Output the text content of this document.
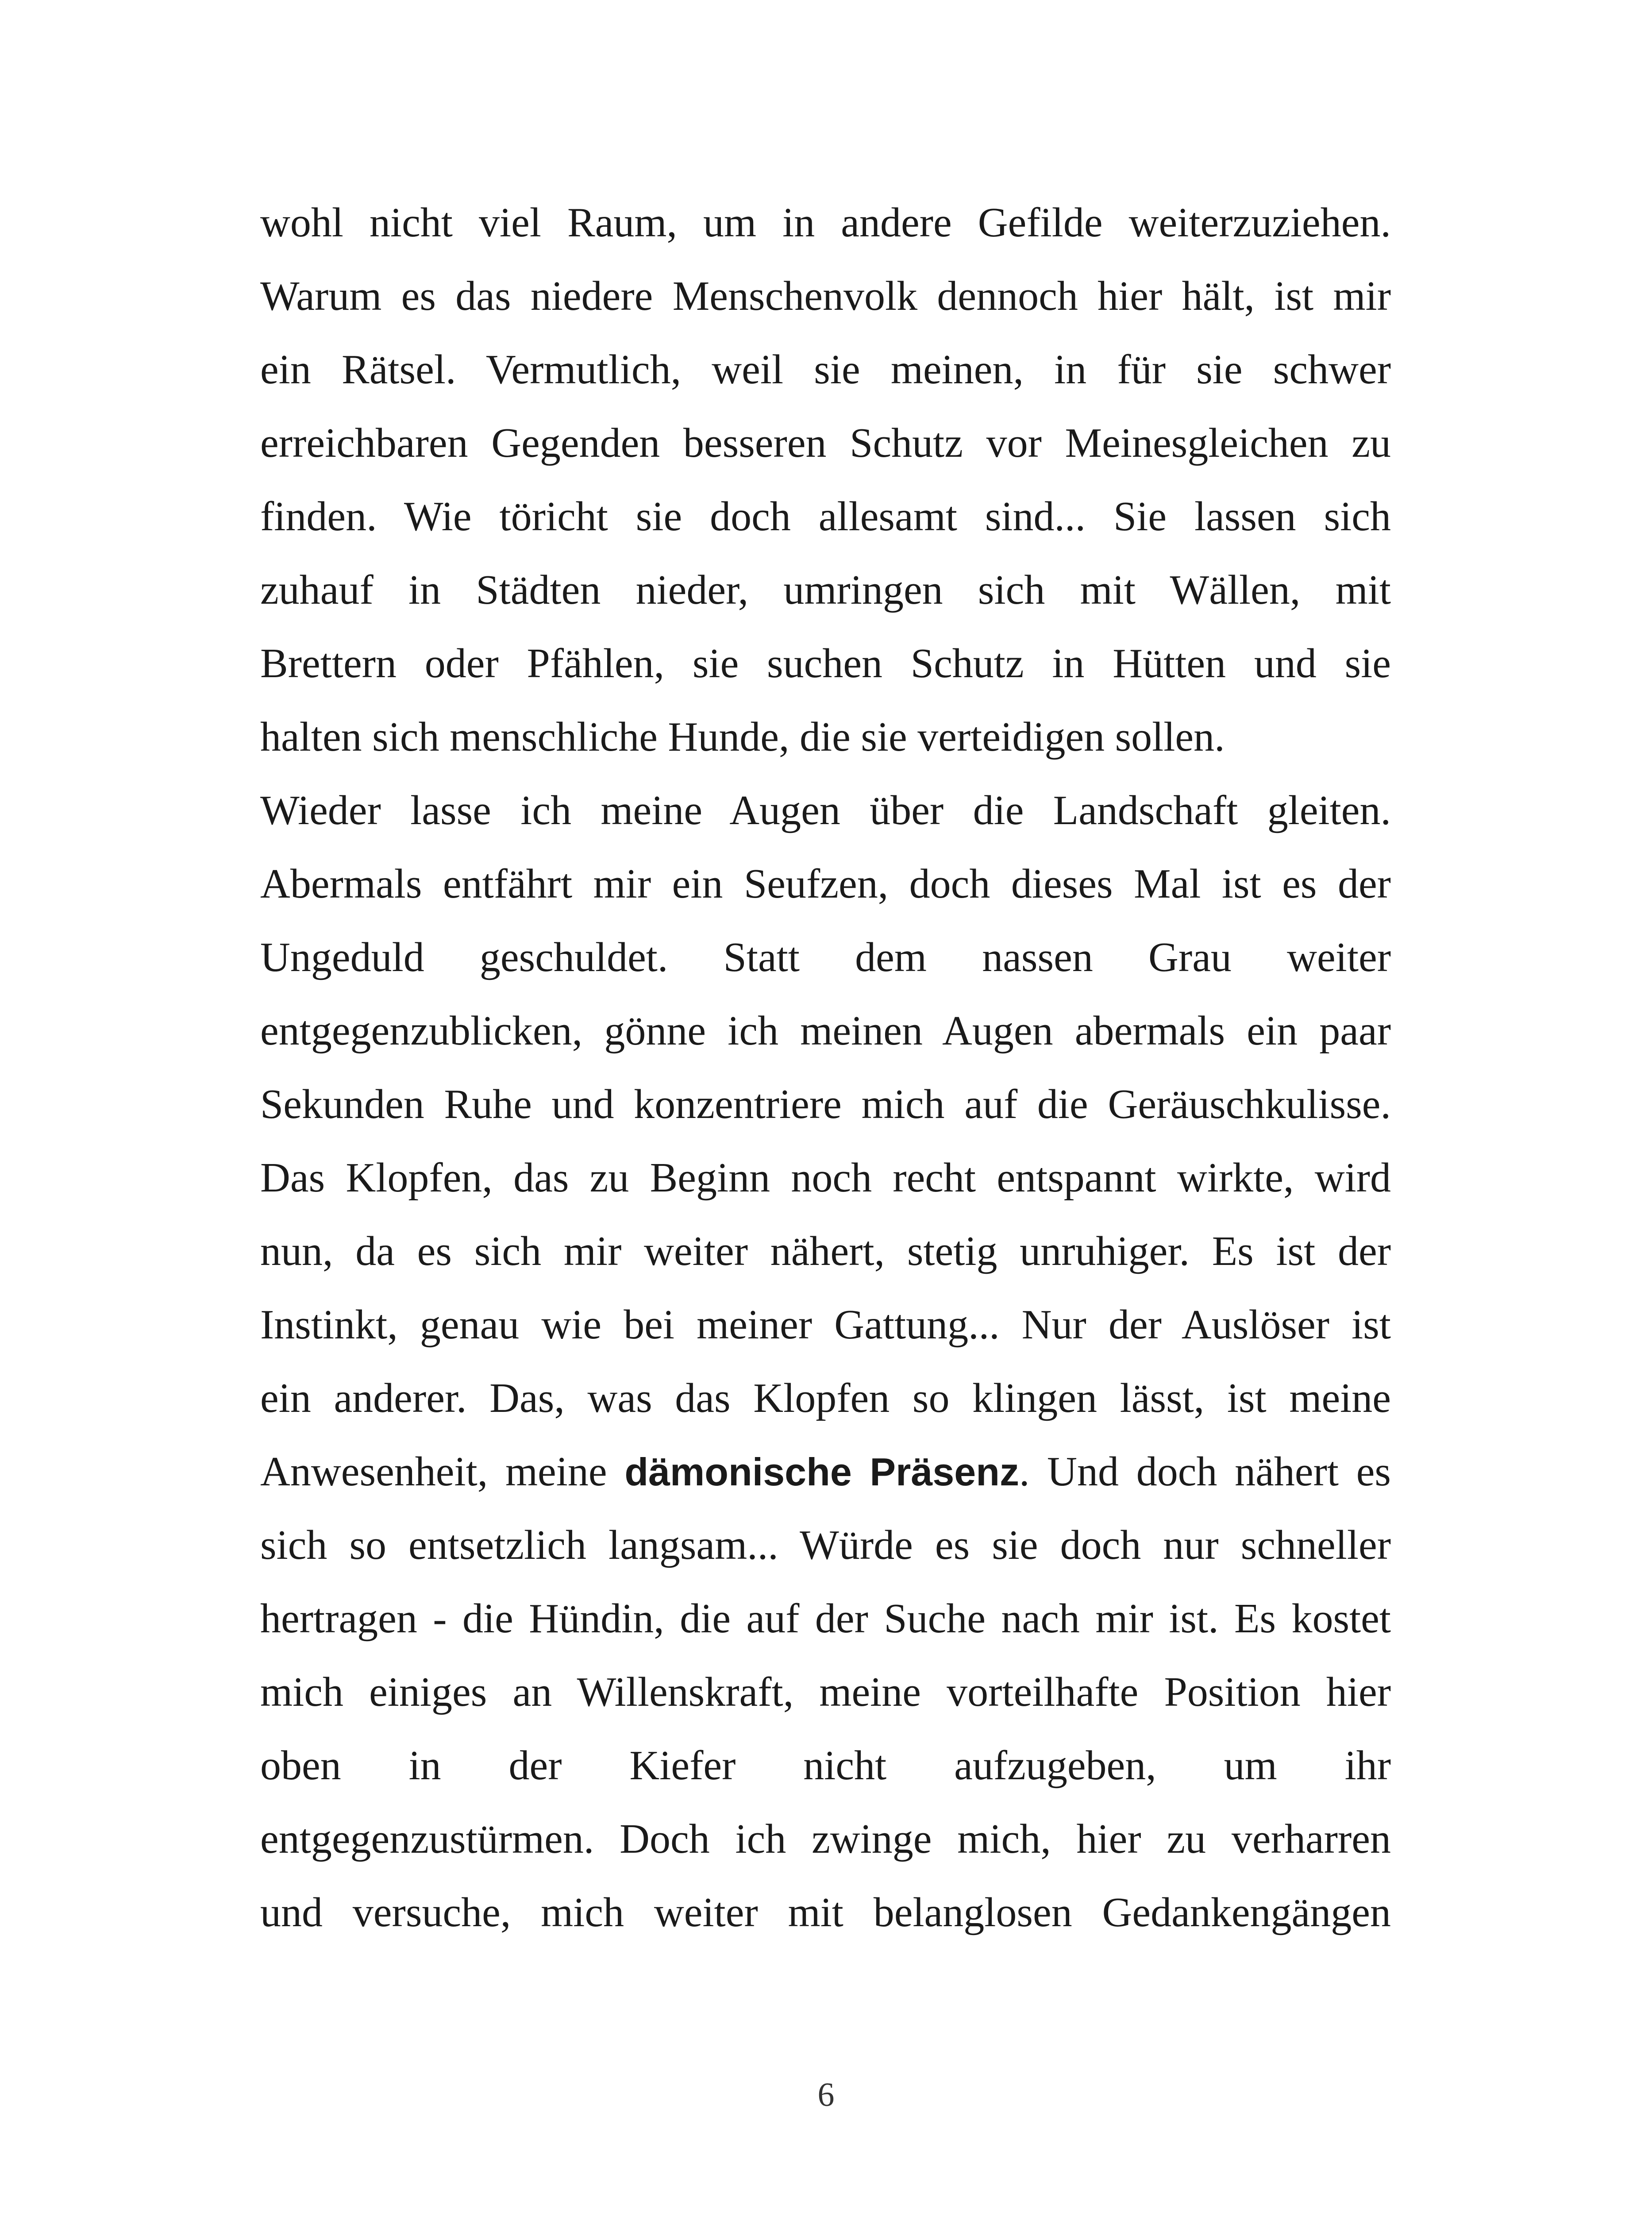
wohl nicht viel Raum, um in andere Gefilde weiterzuziehen.
Warum es das niedere Menschenvolk dennoch hier hält, ist mir
ein Rätsel. Vermutlich, weil sie meinen, in für sie schwer
erreichbaren Gegenden besseren Schutz vor Meinesgleichen zu
finden. Wie töricht sie doch allesamt sind... Sie lassen sich
zuhauf in Städten nieder, umringen sich mit Wällen, mit
Brettern oder Pfählen, sie suchen Schutz in Hütten und sie
halten sich menschliche Hunde, die sie verteidigen sollen.
Wieder lasse ich meine Augen über die Landschaft gleiten.
Abermals entfährt mir ein Seufzen, doch dieses Mal ist es der
Ungeduld geschuldet. Statt dem nassen Grau weiter
entgegenzublicken, gönne ich meinen Augen abermals ein paar
Sekunden Ruhe und konzentriere mich auf die Geräuschkulisse.
Das Klopfen, das zu Beginn noch recht entspannt wirkte, wird
nun, da es sich mir weiter nähert, stetig unruhiger. Es ist der
Instinkt, genau wie bei meiner Gattung... Nur der Auslöser ist
ein anderer. Das, was das Klopfen so klingen lässt, ist meine
Anwesenheit, meine dämonische Präsenz. Und doch nähert es
sich so entsetzlich langsam... Würde es sie doch nur schneller
hertragen - die Hündin, die auf der Suche nach mir ist. Es kostet
mich einiges an Willenskraft, meine vorteilhafte Position hier
oben in der Kiefer nicht aufzugeben, um ihr
entgegenzustürmen. Doch ich zwinge mich, hier zu verharren
und versuche, mich weiter mit belanglosen Gedankengängen
6
